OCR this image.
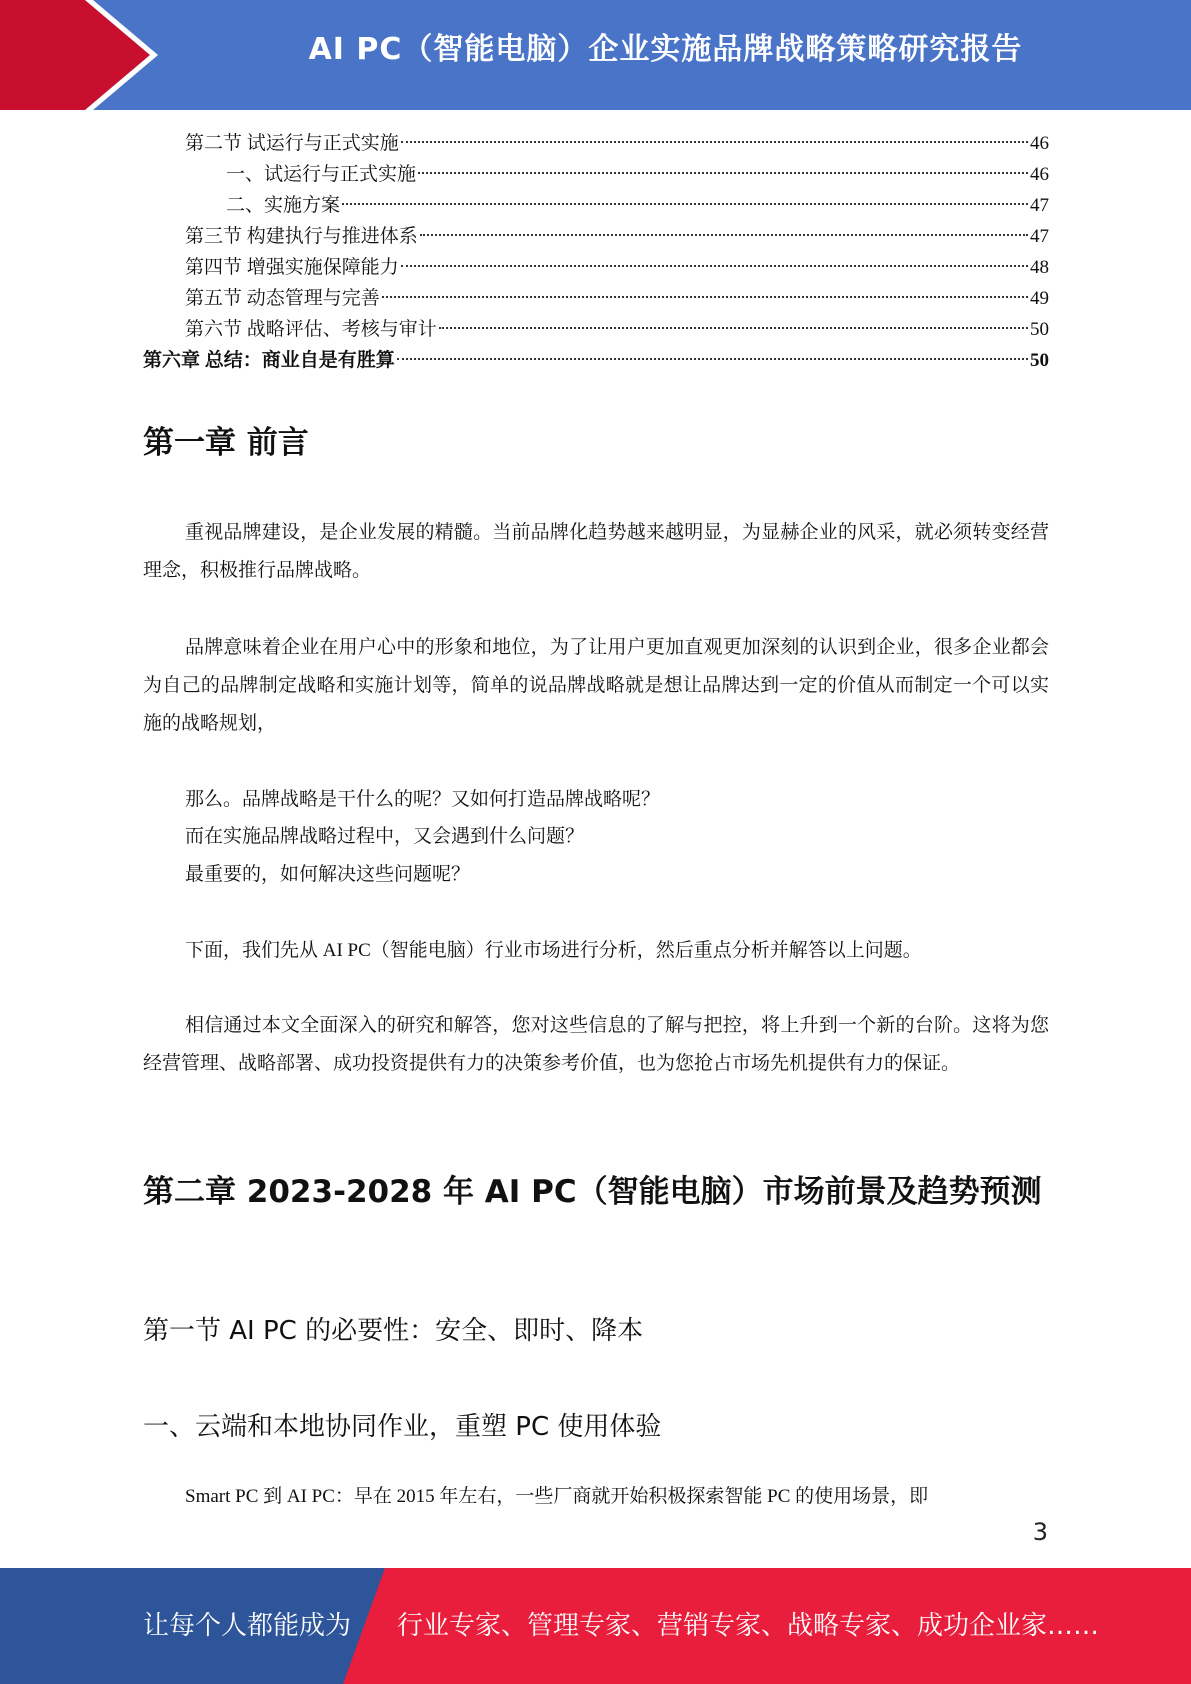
AI PC（智能电脑）企业实施品牌战略策略研究报告
第二节 试运行与正式实施	46
一、试运行与正式实施	46
二、实施方案	47
第三节 构建执行与推进体系	47
第四节 增强实施保障能力	48
第五节 动态管理与完善	49
第六节 战略评估、考核与审计	50
第六章 总结：商业自是有胜算	50
第一章 前言

重视品牌建设，是企业发展的精髓。当前品牌化趋势越来越明显，为显赫企业的风采，就必须转变经营理念，积极推行品牌战略。

品牌意味着企业在用户心中的形象和地位，为了让用户更加直观更加深刻的认识到企业，很多企业都会为自己的品牌制定战略和实施计划等，简单的说品牌战略就是想让品牌达到一定的价值从而制定一个可以实施的战略规划，

那么。品牌战略是干什么的呢？又如何打造品牌战略呢？

而在实施品牌战略过程中，又会遇到什么问题？

最重要的，如何解决这些问题呢？

下面，我们先从 AI PC（智能电脑）行业市场进行分析，然后重点分析并解答以上问题。

相信通过本文全面深入的研究和解答，您对这些信息的了解与把控，将上升到一个新的台阶。这将为您经营管理、战略部署、成功投资提供有力的决策参考价值，也为您抢占市场先机提供有力的保证。

第二章 2023-2028 年 AI PC（智能电脑）市场前景及趋势预测
第一节 AI PC 的必要性：安全、即时、降本
一、云端和本地协同作业，重塑 PC 使用体验

Smart PC 到 AI PC：早在 2015 年左右，一些厂商就开始积极探索智能 PC 的使用场景，即

3
让每个人都能成为 行业专家、管理专家、营销专家、战略专家、成功企业家……
